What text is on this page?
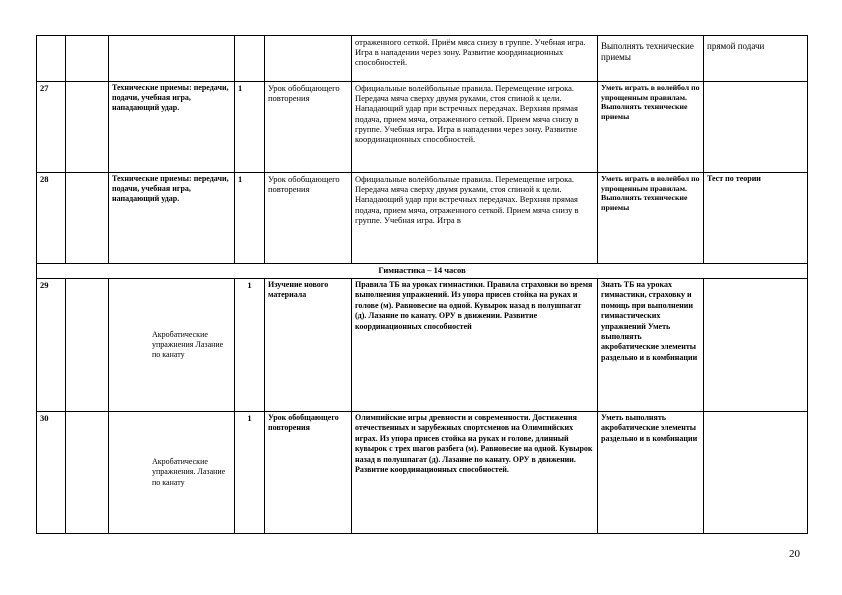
					отраженного сеткой. Приём мяса снизу в группе. Учебная игра. Игра в нападении через зону. Развитие координационных способностей.	Выполнять технические приемы	прямой подачи
27		Технические приемы: передачи, подачи, учебная игра, нападающий удар.	1	Урок обобщающего повторения	Официальные волейбольные правила. Перемещение игрока. Передача мяча сверху двумя руками, стоя спиной к цели. Нападающий удар при встречных передачах. Верхняя прямая подача, прием мяча, отраженного сеткой. Прием мяча снизу в группе. Учебная игра. Игра в нападении через зону. Развитие координационных способностей.	Уметь играть в волейбол по упрощенным правилам. Выполнять технические приемы	
28		Технические приемы: передачи, подачи, учебная игра, нападающий удар.	1	Урок обобщающего повторения	Официальные волейбольные правила. Перемещение игрока. Передача мяча сверху двумя руками, стоя спиной к цели. Нападающий удар при встречных передачах. Верхняя прямая подача, прием мяча, отраженного сеткой. Прием мяча снизу в группе. Учебная игра. Игра в	Уметь играть в волейбол по упрощенным правилам. Выполнять технические приемы	Тест по теории
Гимнастика – 14 часов							
29		Акробатические упражнения Лазание по канату	1	Изучение нового материала	Правила ТБ на уроках гимнастики. Правила страховки во время выполнения упражнений. Из упора присев стойка на руках и голове (м). Равновесие на одной. Кувырок назад в полушпагат (д). Лазание по канату. ОРУ в движении. Развитие координационных способностей	Знать ТБ на уроках гимнастики, страховку и помощь при выполнении гимнастических упражнений Уметь выполнять акробатические элементы раздельно и в комбинации	
30		Акробатические упражнения. Лазание по канату	1	Урок обобщающего повторения	Олимпийские игры древности и современности. Достижения отечественных и зарубежных спортсменов на Олимпийских играх. Из упора присев стойка на руках и голове, длинный кувырок с трех шагов разбега (м). Равновесие на одной. Кувырок назад в полушпагат (д). Лазание по канату. ОРУ в движении. Развитие координационных способностей.	Уметь выполнять акробатические элементы раздельно и в комбинации	
20
